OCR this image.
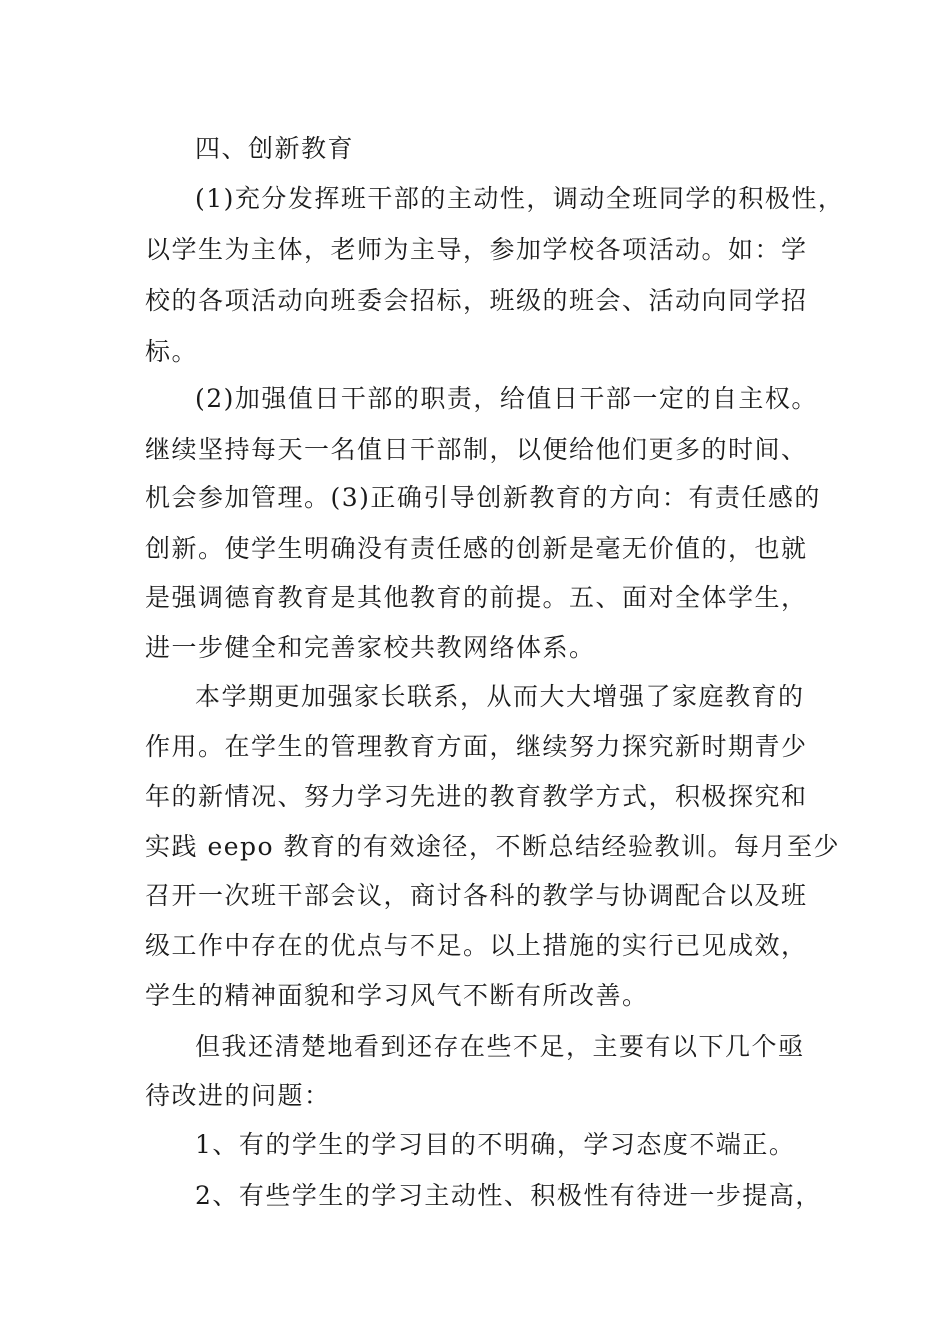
四、创新教育
(1)充分发挥班干部的主动性，调动全班同学的积极性，
以学生为主体，老师为主导，参加学校各项活动。如：学
校的各项活动向班委会招标，班级的班会、活动向同学招
标。
(2)加强值日干部的职责，给值日干部一定的自主权。
继续坚持每天一名值日干部制，以便给他们更多的时间、
机会参加管理。(3)正确引导创新教育的方向：有责任感的
创新。使学生明确没有责任感的创新是毫无价值的，也就
是强调德育教育是其他教育的前提。五、面对全体学生，
进一步健全和完善家校共教网络体系。
本学期更加强家长联系，从而大大增强了家庭教育的
作用。在学生的管理教育方面，继续努力探究新时期青少
年的新情况、努力学习先进的教育教学方式，积极探究和
实践 eepo 教育的有效途径，不断总结经验教训。每月至少
召开一次班干部会议，商讨各科的教学与协调配合以及班
级工作中存在的优点与不足。以上措施的实行已见成效，
学生的精神面貌和学习风气不断有所改善。
但我还清楚地看到还存在些不足，主要有以下几个亟
待改进的问题：
1、有的学生的学习目的不明确，学习态度不端正。
2、有些学生的学习主动性、积极性有待进一步提高，
